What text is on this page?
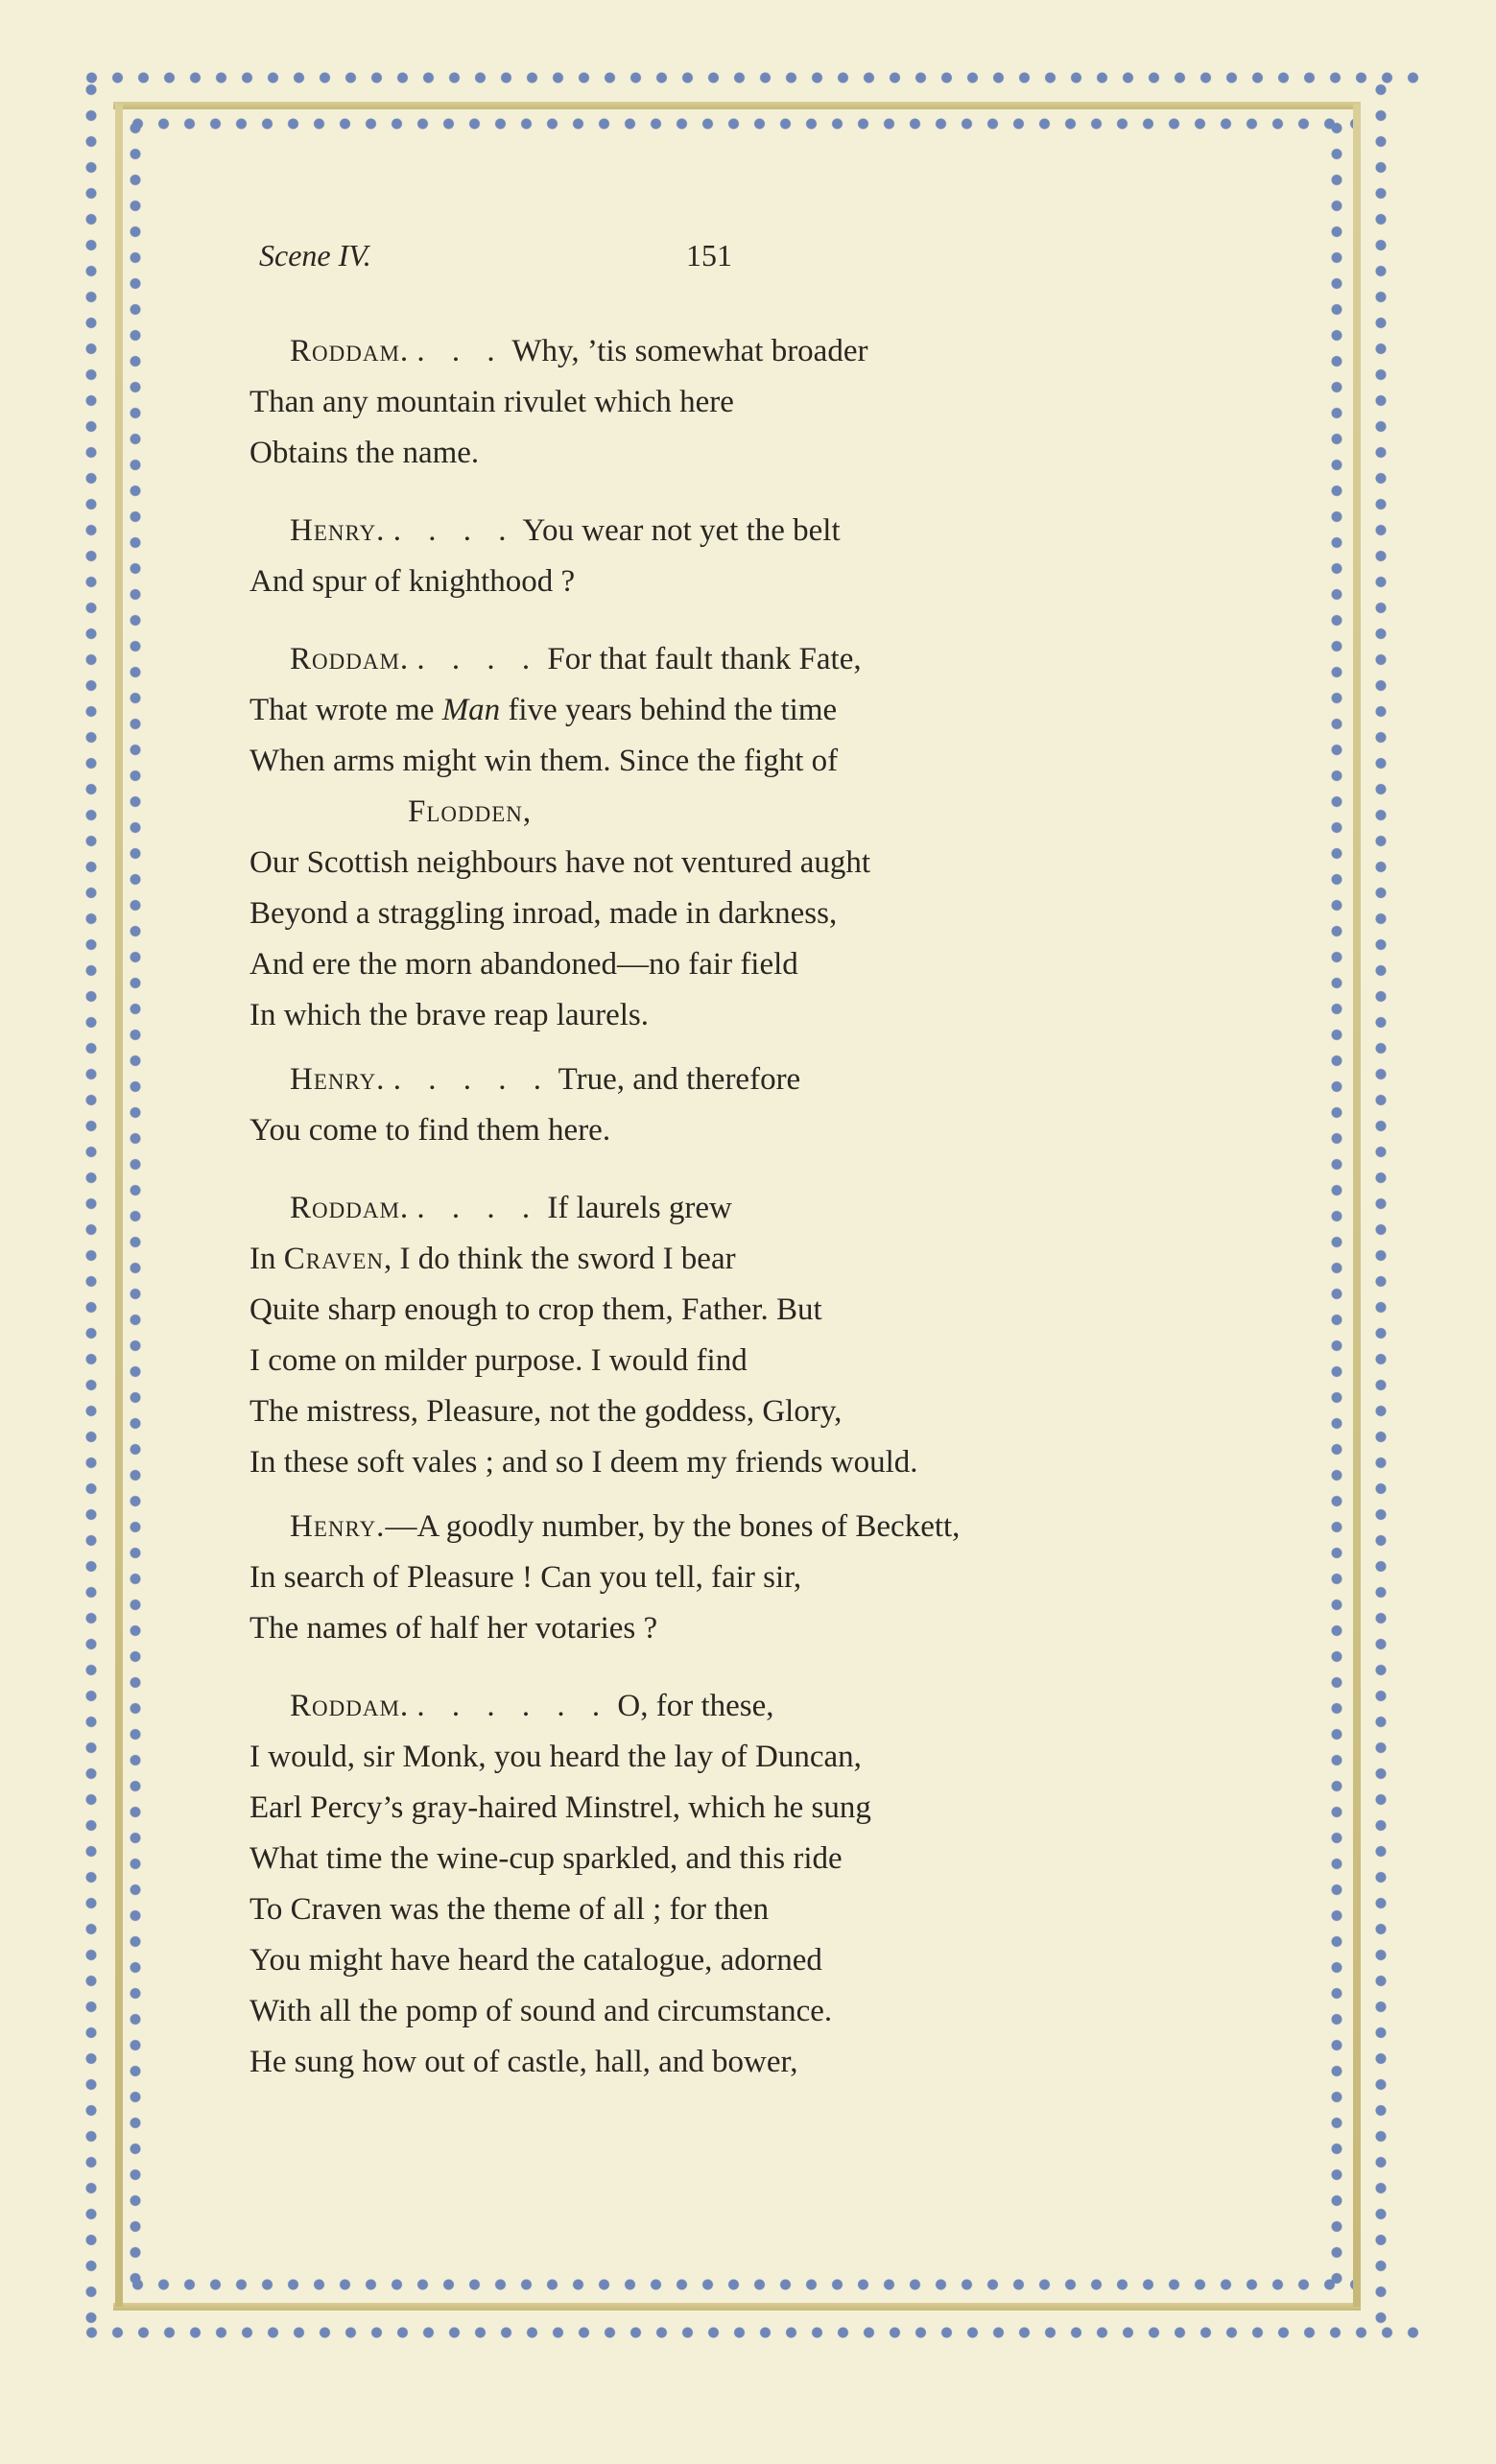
Scene IV.	151
Roddam. . . . Why, ’tis somewhat broader
Than any mountain rivulet which here
Obtains the name.
Henry. . . . . You wear not yet the belt
And spur of knighthood ?
Roddam. . . . . For that fault thank Fate,
That wrote me Man five years behind the time
When arms might win them. Since the fight of
Flodden,
Our Scottish neighbours have not ventured aught
Beyond a straggling inroad, made in darkness,
And ere the morn abandoned—no fair field
In which the brave reap laurels.
Henry. . . . . . True, and therefore
You come to find them here.
Roddam. . . . . If laurels grew
In Craven, I do think the sword I bear
Quite sharp enough to crop them, Father. But
I come on milder purpose. I would find
The mistress, Pleasure, not the goddess, Glory,
In these soft vales ; and so I deem my friends would.
Henry.—A goodly number, by the bones of Beckett,
In search of Pleasure ! Can you tell, fair sir,
The names of half her votaries ?
Roddam. . . . . . . O, for these,
I would, sir Monk, you heard the lay of Duncan,
Earl Percy’s gray-haired Minstrel, which he sung
What time the wine-cup sparkled, and this ride
To Craven was the theme of all ; for then
You might have heard the catalogue, adorned
With all the pomp of sound and circumstance.
He sung how out of castle, hall, and bower,
